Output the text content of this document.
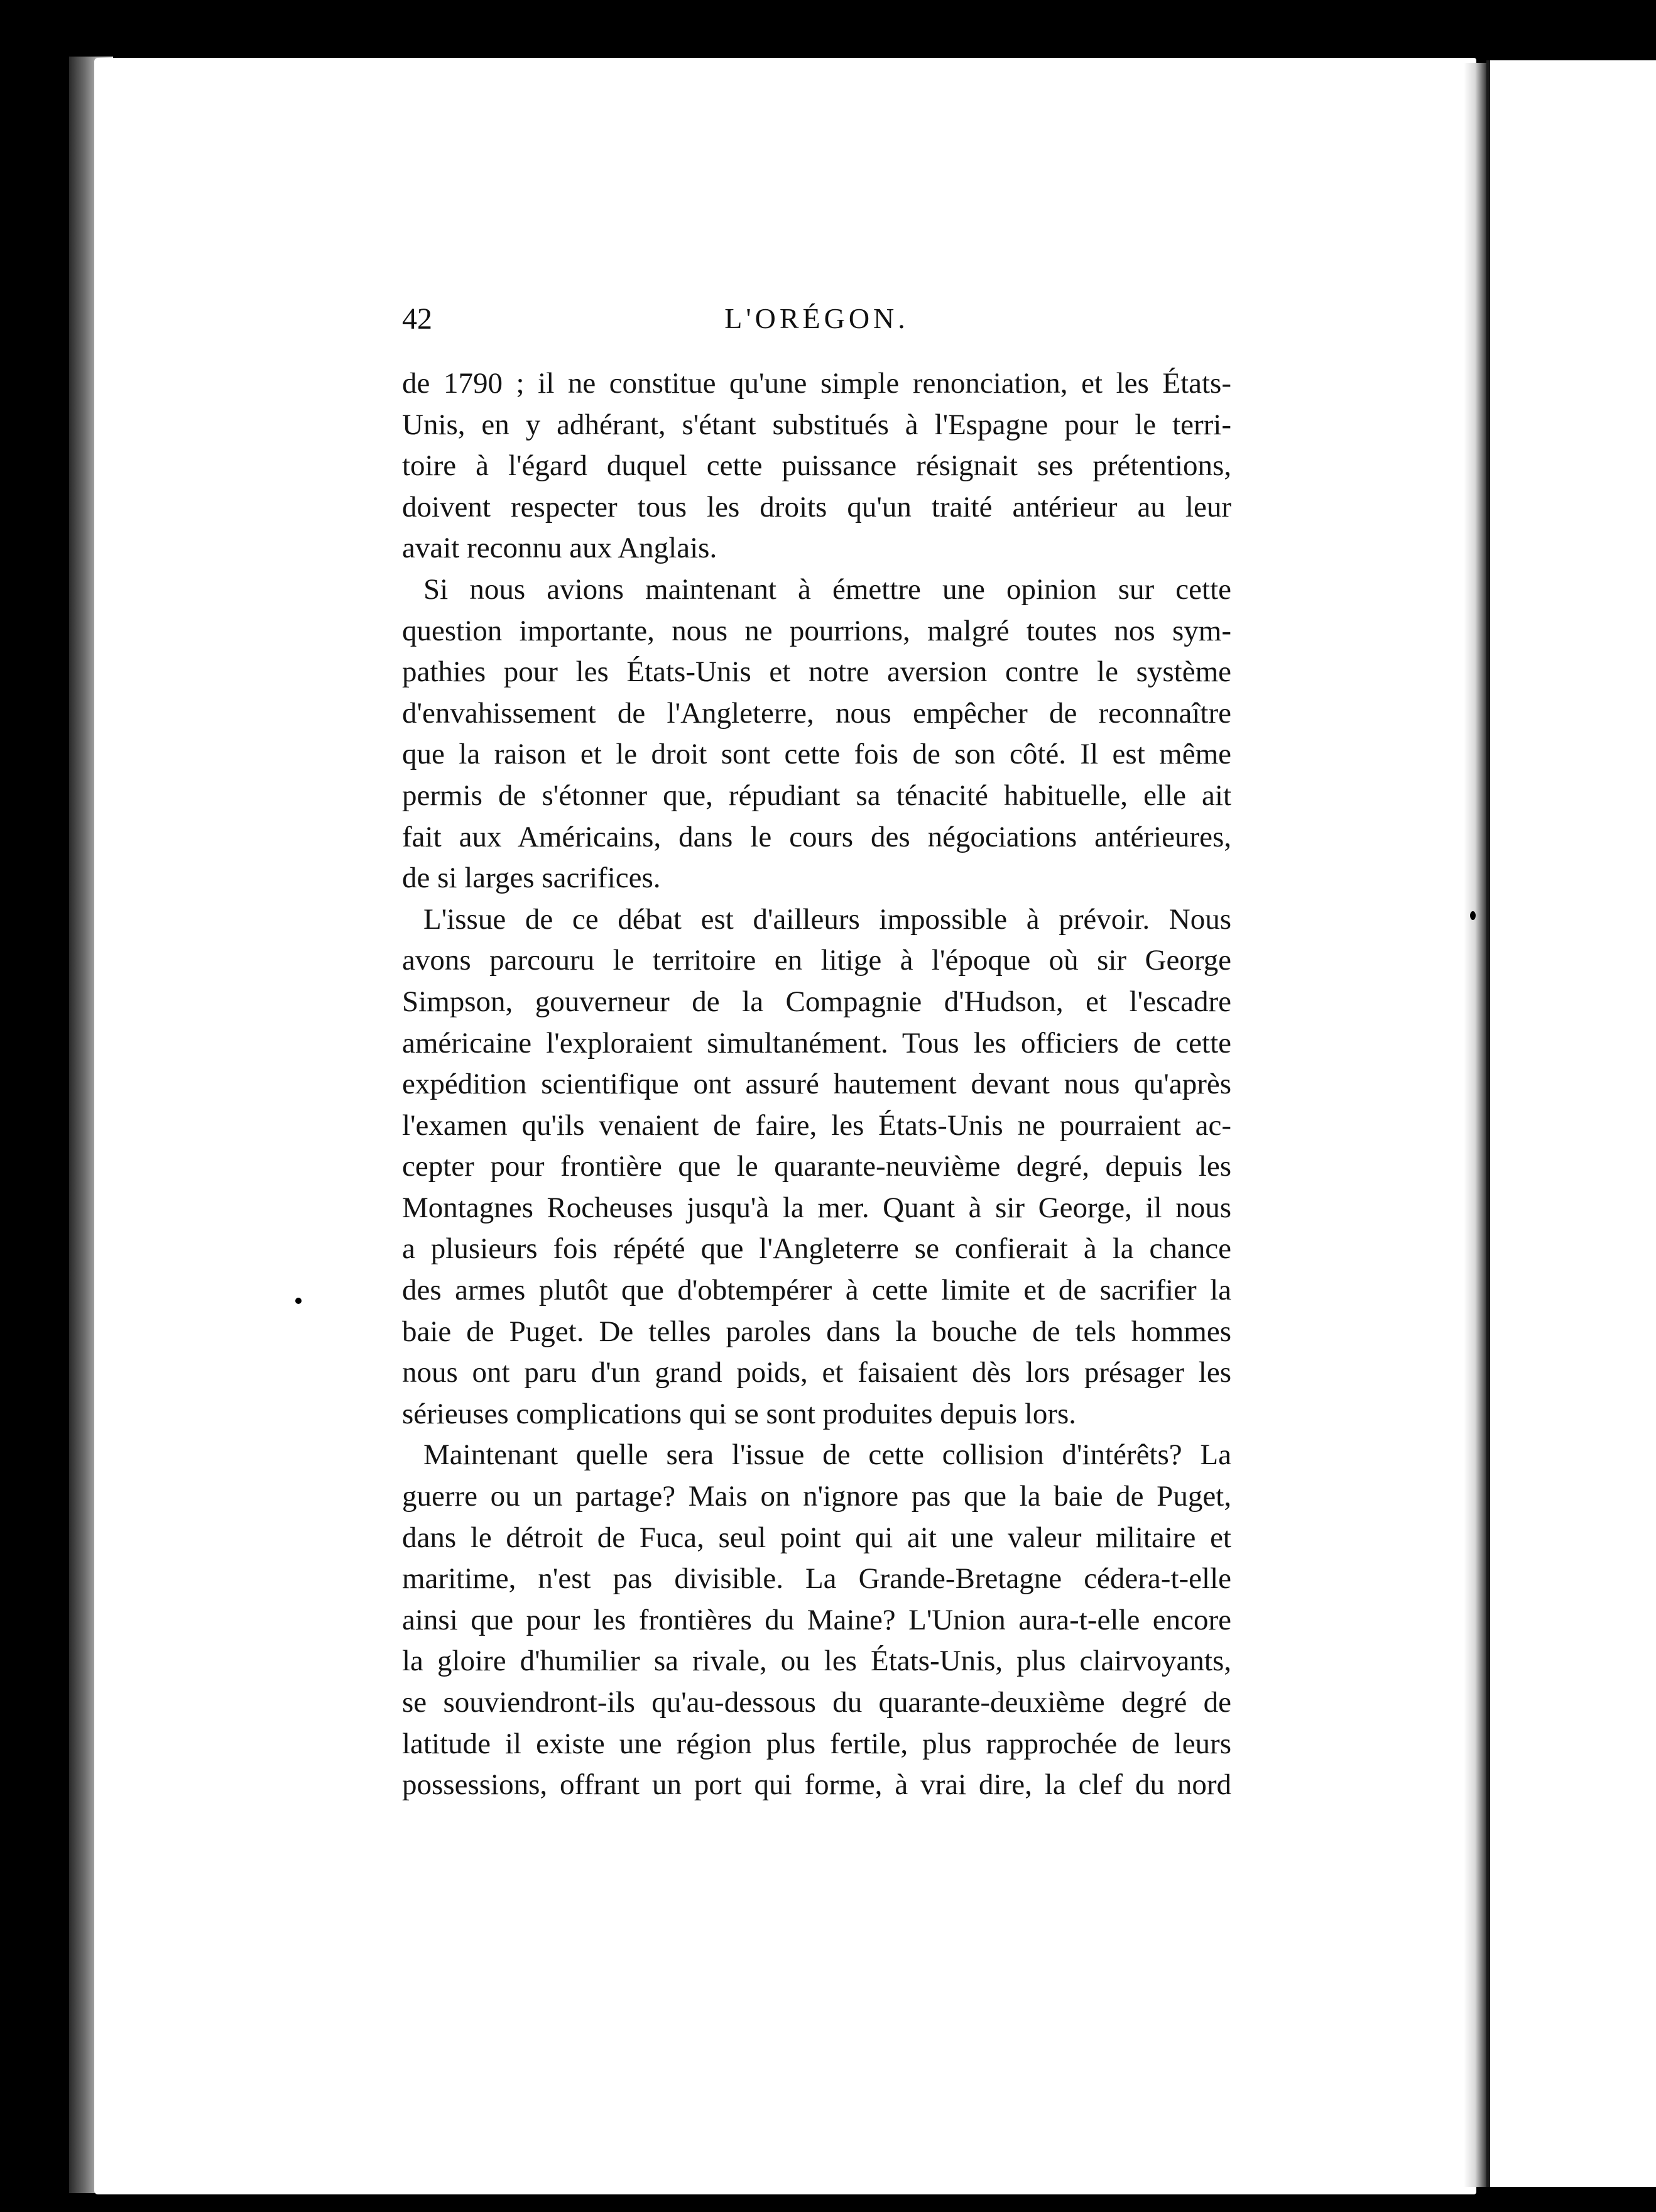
42	L'ORÉGON.
de 1790 ; il ne constitue qu'une simple renonciation, et les États-
Unis, en y adhérant, s'étant substitués à l'Espagne pour le terri-
toire à l'égard duquel cette puissance résignait ses prétentions,
doivent respecter tous les droits qu'un traité antérieur au leur
avait reconnu aux Anglais.
Si nous avions maintenant à émettre une opinion sur cette
question importante, nous ne pourrions, malgré toutes nos sym-
pathies pour les États-Unis et notre aversion contre le système
d'envahissement de l'Angleterre, nous empêcher de reconnaître
que la raison et le droit sont cette fois de son côté. Il est même
permis de s'étonner que, répudiant sa ténacité habituelle, elle ait
fait aux Américains, dans le cours des négociations antérieures,
de si larges sacrifices.
L'issue de ce débat est d'ailleurs impossible à prévoir. Nous
avons parcouru le territoire en litige à l'époque où sir George
Simpson, gouverneur de la Compagnie d'Hudson, et l'escadre
américaine l'exploraient simultanément. Tous les officiers de cette
expédition scientifique ont assuré hautement devant nous qu'après
l'examen qu'ils venaient de faire, les États-Unis ne pourraient ac-
cepter pour frontière que le quarante-neuvième degré, depuis les
Montagnes Rocheuses jusqu'à la mer. Quant à sir George, il nous
a plusieurs fois répété que l'Angleterre se confierait à la chance
des armes plutôt que d'obtempérer à cette limite et de sacrifier la
baie de Puget. De telles paroles dans la bouche de tels hommes
nous ont paru d'un grand poids, et faisaient dès lors présager les
sérieuses complications qui se sont produites depuis lors.
Maintenant quelle sera l'issue de cette collision d'intérêts? La
guerre ou un partage? Mais on n'ignore pas que la baie de Puget,
dans le détroit de Fuca, seul point qui ait une valeur militaire et
maritime, n'est pas divisible. La Grande-Bretagne cédera-t-elle
ainsi que pour les frontières du Maine? L'Union aura-t-elle encore
la gloire d'humilier sa rivale, ou les États-Unis, plus clairvoyants,
se souviendront-ils qu'au-dessous du quarante-deuxième degré de
latitude il existe une région plus fertile, plus rapprochée de leurs
possessions, offrant un port qui forme, à vrai dire, la clef du nord
